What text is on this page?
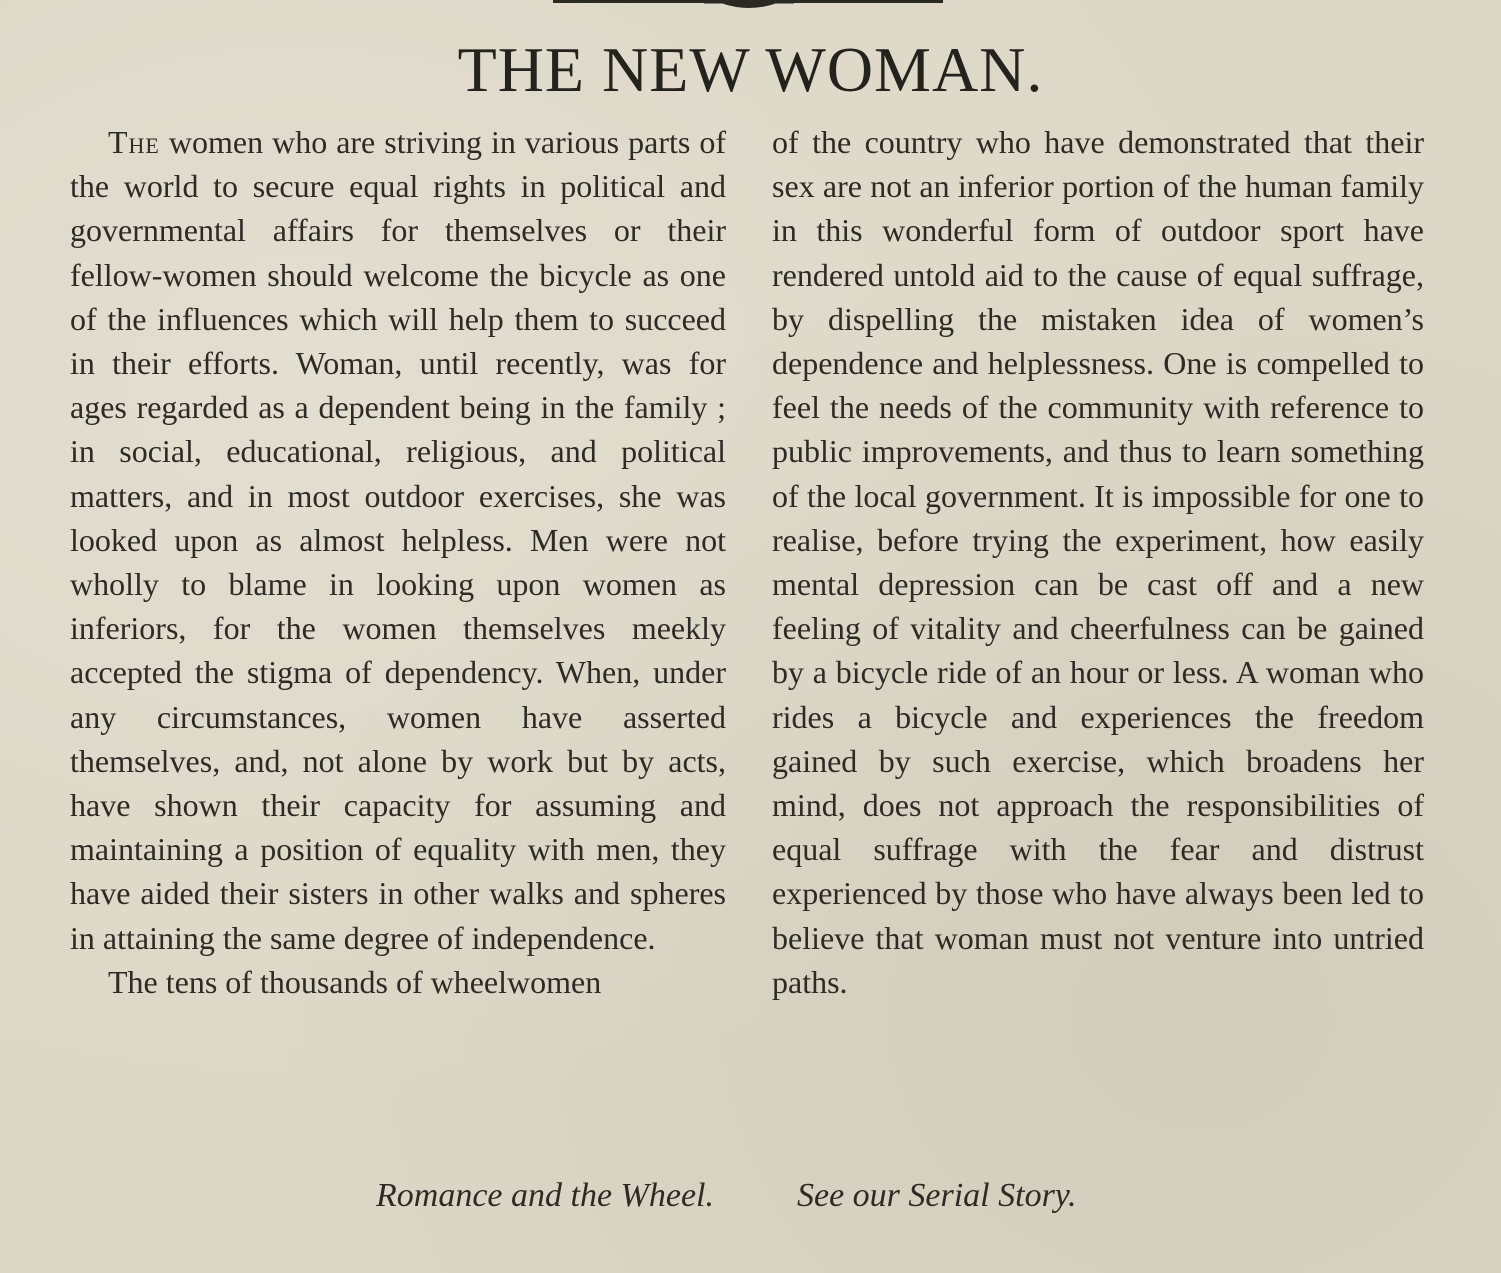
THE NEW WOMAN.

The women who are striving in various parts of the world to secure equal rights in political and governmental affairs for themselves or their fellow-women should welcome the bicycle as one of the influences which will help them to succeed in their efforts. Woman, until recently, was for ages regarded as a dependent being in the family ; in social, educational, religious, and political matters, and in most outdoor exercises, she was looked upon as almost helpless. Men were not wholly to blame in looking upon women as inferiors, for the women themselves meekly accepted the stigma of dependency. When, under any circumstances, women have asserted themselves, and, not alone by work but by acts, have shown their capacity for assuming and maintaining a position of equality with men, they have aided their sisters in other walks and spheres in attaining the same degree of independence.

The tens of thousands of wheelwomen

of the country who have demonstrated that their sex are not an inferior portion of the human family in this wonderful form of outdoor sport have rendered untold aid to the cause of equal suffrage, by dispelling the mistaken idea of women’s dependence and helplessness. One is compelled to feel the needs of the community with reference to public improvements, and thus to learn something of the local government. It is impossible for one to realise, before trying the experiment, how easily mental depression can be cast off and a new feeling of vitality and cheerfulness can be gained by a bicycle ride of an hour or less. A woman who rides a bicycle and experiences the freedom gained by such exercise, which broadens her mind, does not approach the responsibilities of equal suffrage with the fear and distrust experienced by those who have always been led to believe that woman must not venture into untried paths.

Romance and the Wheel. See our Serial Story.
